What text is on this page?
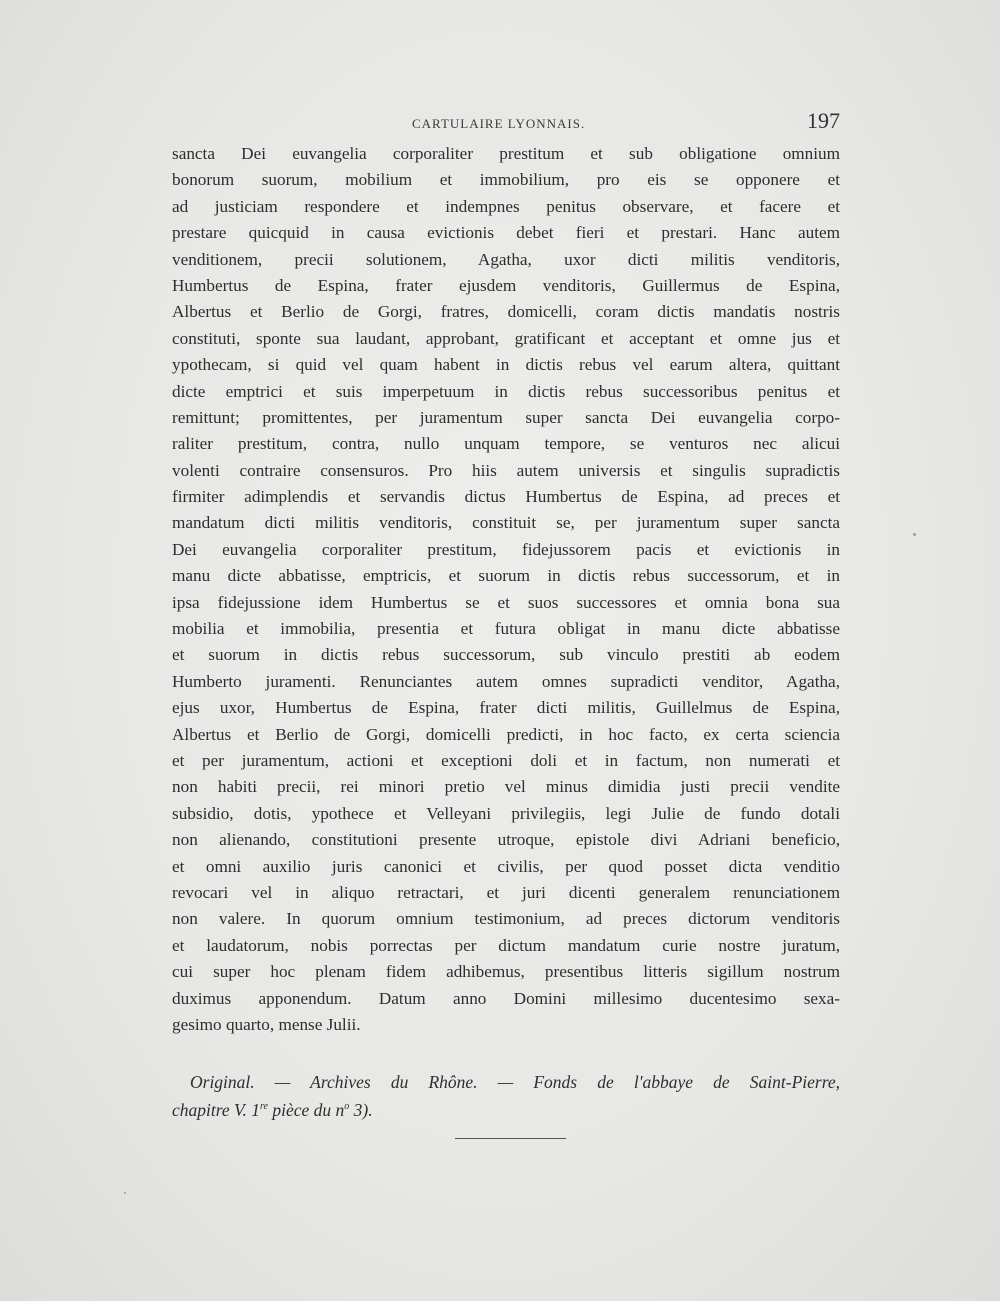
CARTULAIRE LYONNAIS.	197
sancta Dei euvangelia corporaliter prestitum et sub obligatione omnium
bonorum suorum, mobilium et immobilium, pro eis se opponere et
ad justiciam respondere et indempnes penitus observare, et facere et
prestare quicquid in causa evictionis debet fieri et prestari. Hanc autem
venditionem, precii solutionem, Agatha, uxor dicti militis venditoris,
Humbertus de Espina, frater ejusdem venditoris, Guillermus de Espina,
Albertus et Berlio de Gorgi, fratres, domicelli, coram dictis mandatis nostris
constituti, sponte sua laudant, approbant, gratificant et acceptant et omne jus et
ypothecam, si quid vel quam habent in dictis rebus vel earum altera, quittant
dicte emptrici et suis imperpetuum in dictis rebus successoribus penitus et
remittunt; promittentes, per juramentum super sancta Dei euvangelia corpo-
raliter prestitum, contra, nullo unquam tempore, se venturos nec alicui
volenti contraire consensuros. Pro hiis autem universis et singulis supradictis
firmiter adimplendis et servandis dictus Humbertus de Espina, ad preces et
mandatum dicti militis venditoris, constituit se, per juramentum super sancta
Dei euvangelia corporaliter prestitum, fidejussorem pacis et evictionis in
manu dicte abbatisse, emptricis, et suorum in dictis rebus successorum, et in
ipsa fidejussione idem Humbertus se et suos successores et omnia bona sua
mobilia et immobilia, presentia et futura obligat in manu dicte abbatisse
et suorum in dictis rebus successorum, sub vinculo prestiti ab eodem
Humberto juramenti. Renunciantes autem omnes supradicti venditor, Agatha,
ejus uxor, Humbertus de Espina, frater dicti militis, Guillelmus de Espina,
Albertus et Berlio de Gorgi, domicelli predicti, in hoc facto, ex certa sciencia
et per juramentum, actioni et exceptioni doli et in factum, non numerati et
non habiti precii, rei minori pretio vel minus dimidia justi precii vendite
subsidio, dotis, ypothece et Velleyani privilegiis, legi Julie de fundo dotali
non alienando, constitutioni presente utroque, epistole divi Adriani beneficio,
et omni auxilio juris canonici et civilis, per quod posset dicta venditio
revocari vel in aliquo retractari, et juri dicenti generalem renunciationem
non valere. In quorum omnium testimonium, ad preces dictorum venditoris
et laudatorum, nobis porrectas per dictum mandatum curie nostre juratum,
cui super hoc plenam fidem adhibemus, presentibus litteris sigillum nostrum
duximus apponendum. Datum anno Domini millesimo ducentesimo sexa-
gesimo quarto, mense Julii.
Original. — Archives du Rhône. — Fonds de l'abbaye de Saint-Pierre,
chapitre V. 1re pièce du $n^o$ 3).
